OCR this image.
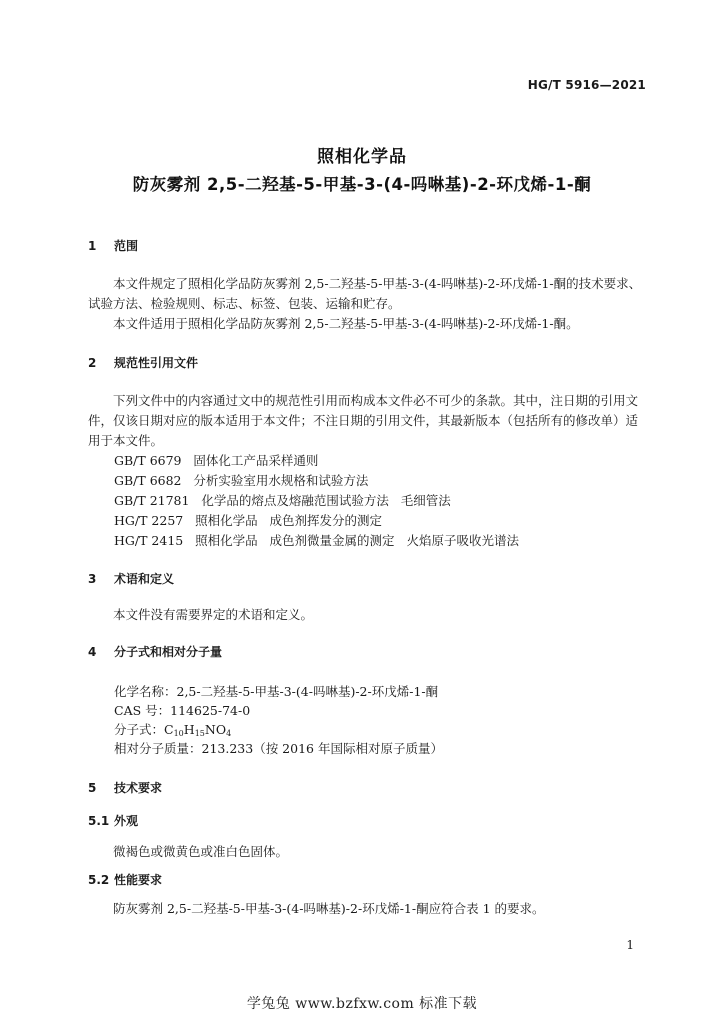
HG/T 5916—2021
照相化学品
防灰雾剂 2,5-二羟基-5-甲基-3-(4-吗啉基)-2-环戊烯-1-酮
1 范围
本文件规定了照相化学品防灰雾剂 2,5-二羟基-5-甲基-3-(4-吗啉基)-2-环戊烯-1-酮的技术要求、
试验方法、检验规则、标志、标签、包装、运输和贮存。
本文件适用于照相化学品防灰雾剂 2,5-二羟基-5-甲基-3-(4-吗啉基)-2-环戊烯-1-酮。
2 规范性引用文件
下列文件中的内容通过文中的规范性引用而构成本文件必不可少的条款。其中，注日期的引用文
件，仅该日期对应的版本适用于本文件；不注日期的引用文件，其最新版本（包括所有的修改单）适
用于本文件。
GB/T 6679   固体化工产品采样通则
GB/T 6682   分析实验室用水规格和试验方法
GB/T 21781   化学品的熔点及熔融范围试验方法   毛细管法
HG/T 2257   照相化学品   成色剂挥发分的测定
HG/T 2415   照相化学品   成色剂微量金属的测定   火焰原子吸收光谱法
3 术语和定义
本文件没有需要界定的术语和定义。
4 分子式和相对分子量
化学名称：2,5-二羟基-5-甲基-3-(4-吗啉基)-2-环戊烯-1-酮
CAS 号：114625-74-0
分子式：$C_{10}H_{15}NO_4$
相对分子质量：213.233（按 2016 年国际相对原子质量）
5 技术要求
5.1 外观
微褐色或微黄色或准白色固体。
5.2 性能要求
防灰雾剂 2,5-二羟基-5-甲基-3-(4-吗啉基)-2-环戊烯-1-酮应符合表 1 的要求。
1
学兔兔 www.bzfxw.com 标准下载
